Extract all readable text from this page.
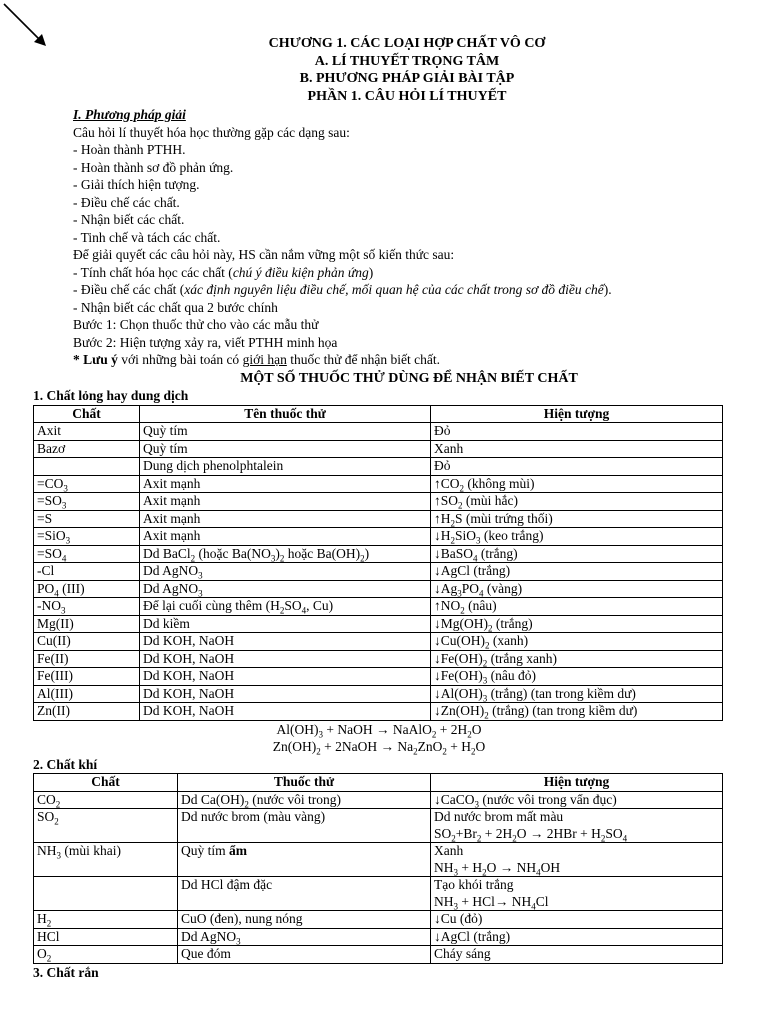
CHƯƠNG 1. CÁC LOẠI HỢP CHẤT VÔ CƠ
A. LÍ THUYẾT TRỌNG TÂM
B. PHƯƠNG PHÁP GIẢI BÀI TẬP
PHẦN 1. CÂU HỎI LÍ THUYẾT
I. Phương pháp giải
Câu hỏi lí thuyết hóa học thường gặp các dạng sau:
- Hoàn thành PTHH.
- Hoàn thành sơ đồ phản ứng.
- Giải thích hiện tượng.
- Điều chế các chất.
- Nhận biết các chất.
- Tinh chế và tách các chất.
Để giải quyết các câu hỏi này, HS cần nắm vững một số kiến thức sau:
- Tính chất hóa học các chất (chú ý điều kiện phản ứng)
- Điều chế các chất (xác định nguyên liệu điều chế, mối quan hệ của các chất trong sơ đồ điều chế).
- Nhận biết các chất qua 2 bước chính
Bước 1: Chọn thuốc thử cho vào các mẫu thử
Bước 2: Hiện tượng xảy ra, viết PTHH minh họa
* Lưu ý với những bài toán có giới hạn thuốc thử để nhận biết chất.
MỘT SỐ THUỐC THỬ DÙNG ĐỂ NHẬN BIẾT CHẤT
1. Chất lỏng hay dung dịch
Chất	Tên thuốc thử	Hiện tượng
Axit	Quỳ tím	Đỏ
Bazơ	Quỳ tím	Xanh
	Dung dịch phenolphtalein	Đỏ
$=CO_3$	Axit mạnh	$↑CO_2$ (không mùi)
$=SO_3$	Axit mạnh	$↑SO_2$ (mùi hắc)
=S	Axit mạnh	$↑H_2S$ (mùi trứng thối)
=SiO$_3$	Axit mạnh	$↓H_2SiO_3$ (keo trắng)
$=SO_4$	Dd BaCl$_2$ (hoặc $Ba(NO_3)_2$ hoặc $Ba(OH)_2$)	↓BaSO$_4$ (trắng)
-Cl	Dd AgNO$_3$	↓AgCl (trắng)
$PO_4$ (III)	Dd AgNO$_3$	$↓Ag_3PO_4$ (vàng)
$-NO_3$	Để lại cuối cùng thêm ($H_2SO_4$, Cu)	$↑NO_2$ (nâu)
Mg(II)	Dd kiềm	$↓Mg(OH)_2$ (trắng)
Cu(II)	Dd KOH, NaOH	$↓Cu(OH)_2$ (xanh)
Fe(II)	Dd KOH, NaOH	$↓Fe(OH)_2$ (trắng xanh)
Fe(III)	Dd KOH, NaOH	$↓Fe(OH)_3$ (nâu đỏ)
Al(III)	Dd KOH, NaOH	$↓Al(OH)_3$ (trắng) (tan trong kiềm dư)
Zn(II)	Dd KOH, NaOH	$↓Zn(OH)_2$ (trắng) (tan trong kiềm dư)
$Al(OH)_3$ + NaOH → NaAlO$_2$ + $2H_2O$
$Zn(OH)_2$ + 2NaOH → $Na_2ZnO_2 + H_2O$
2. Chất khí
Chất	Thuốc thử	Hiện tượng
$CO_2$	Dd $Ca(OH)_2$ (nước vôi trong)	↓CaCO$_3$ (nước vôi trong vẩn đục)
$SO_2$	Dd nước brom (màu vàng)	Dd nước brom mất màu
$SO_2+Br_2 + 2H_2O \to 2HBr + H_2SO_4$
$NH_3$ (mùi khai)	Quỳ tím ẩm	Xanh
$NH_3 + H_2O \to NH_4OH$
	Dd HCl đậm đặc	Tạo khói trắng
$NH_3 + HCl\to NH_4Cl$
$H_2$	CuO (đen), nung nóng	↓Cu (đỏ)
HCl	Dd AgNO$_3$	↓AgCl (trắng)
$O_2$	Que đóm	Cháy sáng
3. Chất rắn
